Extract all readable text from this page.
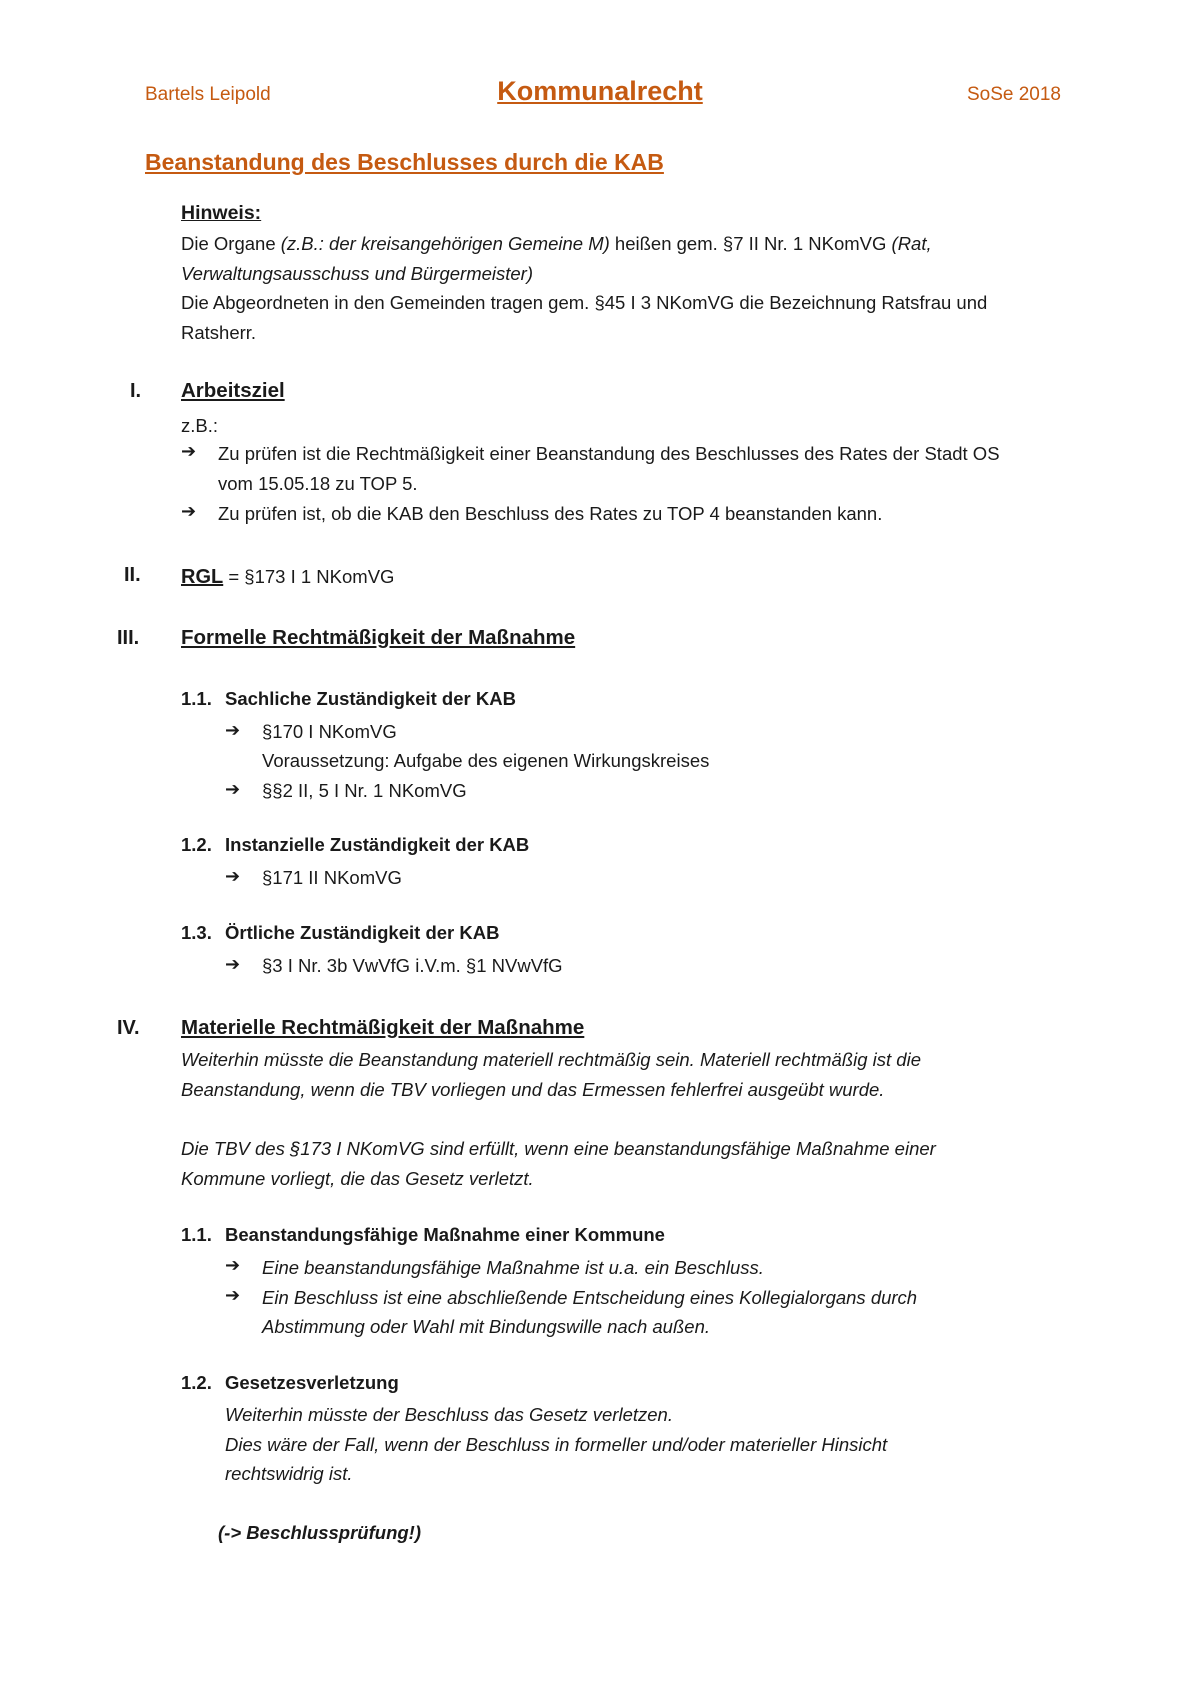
Bartels Leipold	Kommunalrecht	SoSe 2018
Beanstandung des Beschlusses durch die KAB
Hinweis:
Die Organe (z.B.: der kreisangehörigen Gemeine M) heißen gem. §7 II Nr. 1 NKomVG (Rat,
Verwaltungsausschuss und Bürgermeister)
Die Abgeordneten in den Gemeinden tragen gem. §45 I 3 NKomVG die Bezeichnung Ratsfrau und
Ratsherr.
I. Arbeitsziel
z.B.:
➔ Zu prüfen ist die Rechtmäßigkeit einer Beanstandung des Beschlusses des Rates der Stadt OS
vom 15.05.18 zu TOP 5.
➔ Zu prüfen ist, ob die KAB den Beschluss des Rates zu TOP 4 beanstanden kann.
II. RGL = §173 I 1 NKomVG
III. Formelle Rechtmäßigkeit der Maßnahme
1.1. Sachliche Zuständigkeit der KAB
➔ §170 I NKomVG
Voraussetzung: Aufgabe des eigenen Wirkungskreises
➔ §§2 II, 5 I Nr. 1 NKomVG
1.2. Instanzielle Zuständigkeit der KAB
➔ §171 II NKomVG
1.3. Örtliche Zuständigkeit der KAB
➔ §3 I Nr. 3b VwVfG i.V.m. §1 NVwVfG
IV. Materielle Rechtmäßigkeit der Maßnahme
Weiterhin müsste die Beanstandung materiell rechtmäßig sein. Materiell rechtmäßig ist die
Beanstandung, wenn die TBV vorliegen und das Ermessen fehlerfrei ausgeübt wurde.
Die TBV des §173 I NKomVG sind erfüllt, wenn eine beanstandungsfähige Maßnahme einer
Kommune vorliegt, die das Gesetz verletzt.
1.1. Beanstandungsfähige Maßnahme einer Kommune
➔ Eine beanstandungsfähige Maßnahme ist u.a. ein Beschluss.
➔ Ein Beschluss ist eine abschließende Entscheidung eines Kollegialorgans durch
Abstimmung oder Wahl mit Bindungswille nach außen.
1.2. Gesetzesverletzung
Weiterhin müsste der Beschluss das Gesetz verletzen.
Dies wäre der Fall, wenn der Beschluss in formeller und/oder materieller Hinsicht
rechtswidrig ist.
(-> Beschlussprüfung!)
